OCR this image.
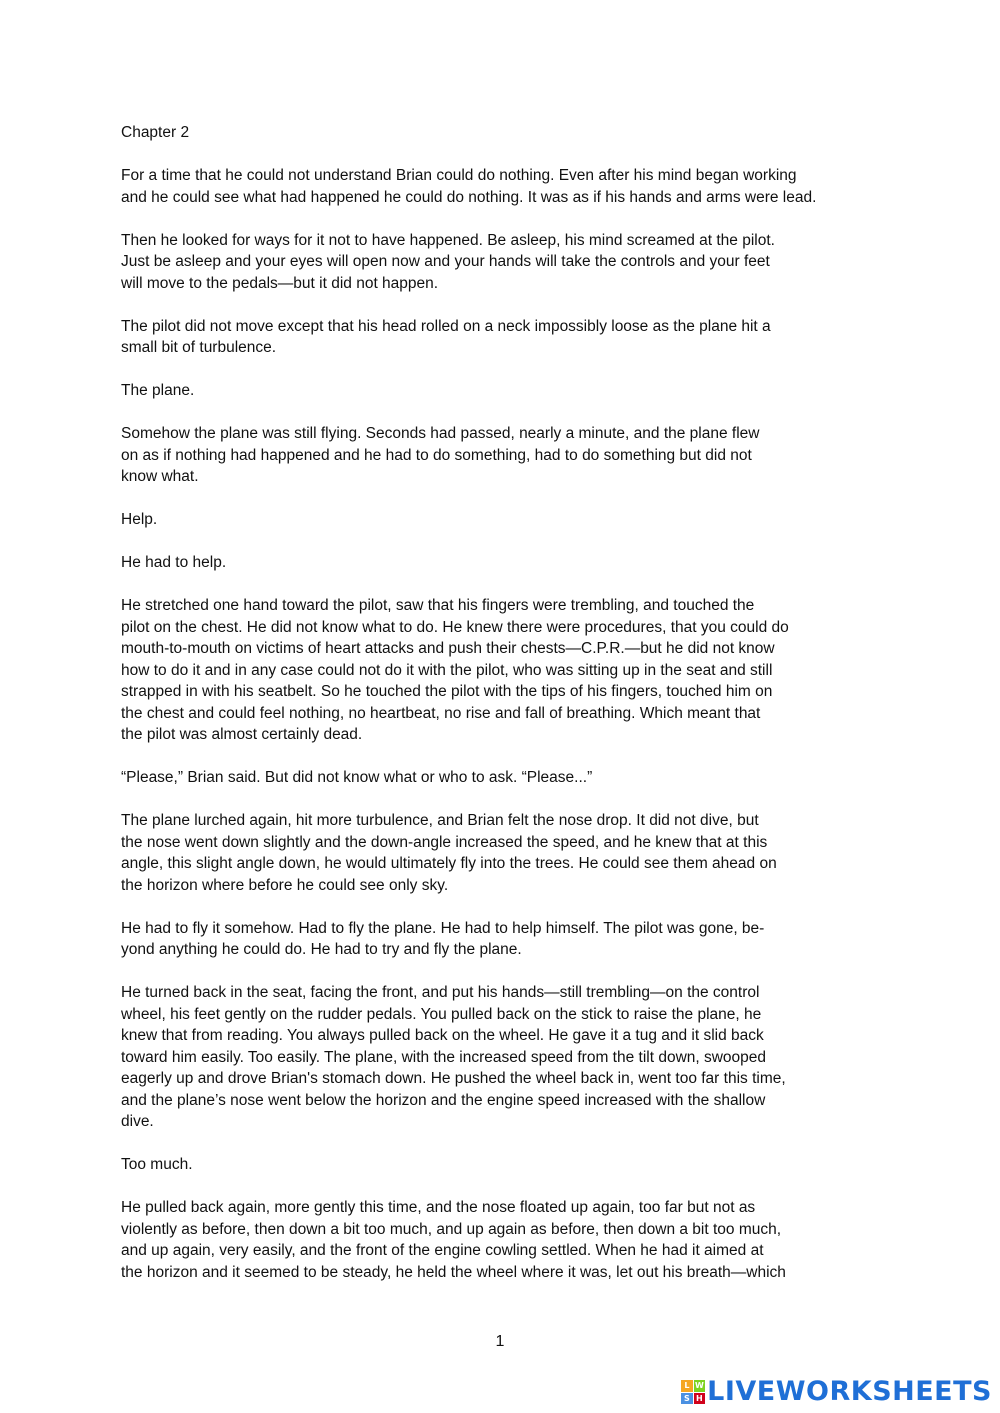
Chapter 2

For a time that he could not understand Brian could do nothing. Even after his mind began working
and he could see what had happened he could do nothing. It was as if his hands and arms were lead.

Then he looked for ways for it not to have happened. Be asleep, his mind screamed at the pilot.
Just be asleep and your eyes will open now and your hands will take the controls and your feet
will move to the pedals—but it did not happen.

The pilot did not move except that his head rolled on a neck impossibly loose as the plane hit a
small bit of turbulence.

The plane.

Somehow the plane was still flying. Seconds had passed, nearly a minute, and the plane flew
on as if nothing had happened and he had to do something, had to do something but did not
know what.

Help.

He had to help.

He stretched one hand toward the pilot, saw that his fingers were trembling, and touched the
pilot on the chest. He did not know what to do. He knew there were procedures, that you could do
mouth-to-mouth on victims of heart attacks and push their chests—C.P.R.—but he did not know
how to do it and in any case could not do it with the pilot, who was sitting up in the seat and still
strapped in with his seatbelt. So he touched the pilot with the tips of his fingers, touched him on
the chest and could feel nothing, no heartbeat, no rise and fall of breathing. Which meant that
the pilot was almost certainly dead.

“Please,” Brian said. But did not know what or who to ask. “Please...”

The plane lurched again, hit more turbulence, and Brian felt the nose drop. It did not dive, but
the nose went down slightly and the down-angle increased the speed, and he knew that at this
angle, this slight angle down, he would ultimately fly into the trees. He could see them ahead on
the horizon where before he could see only sky.

He had to fly it somehow. Had to fly the plane. He had to help himself. The pilot was gone, be-
yond anything he could do. He had to try and fly the plane.

He turned back in the seat, facing the front, and put his hands—still trembling—on the control
wheel, his feet gently on the rudder pedals. You pulled back on the stick to raise the plane, he
knew that from reading. You always pulled back on the wheel. He gave it a tug and it slid back
toward him easily. Too easily. The plane, with the increased speed from the tilt down, swooped
eagerly up and drove Brian's stomach down. He pushed the wheel back in, went too far this time,
and the plane’s nose went below the horizon and the engine speed increased with the shallow
dive.

Too much.

He pulled back again, more gently this time, and the nose floated up again, too far but not as
violently as before, then down a bit too much, and up again as before, then down a bit too much,
and up again, very easily, and the front of the engine cowling settled. When he had it aimed at
the horizon and it seemed to be steady, he held the wheel where it was, let out his breath—which

1
L W
S H LIVEWORKSHEETS
